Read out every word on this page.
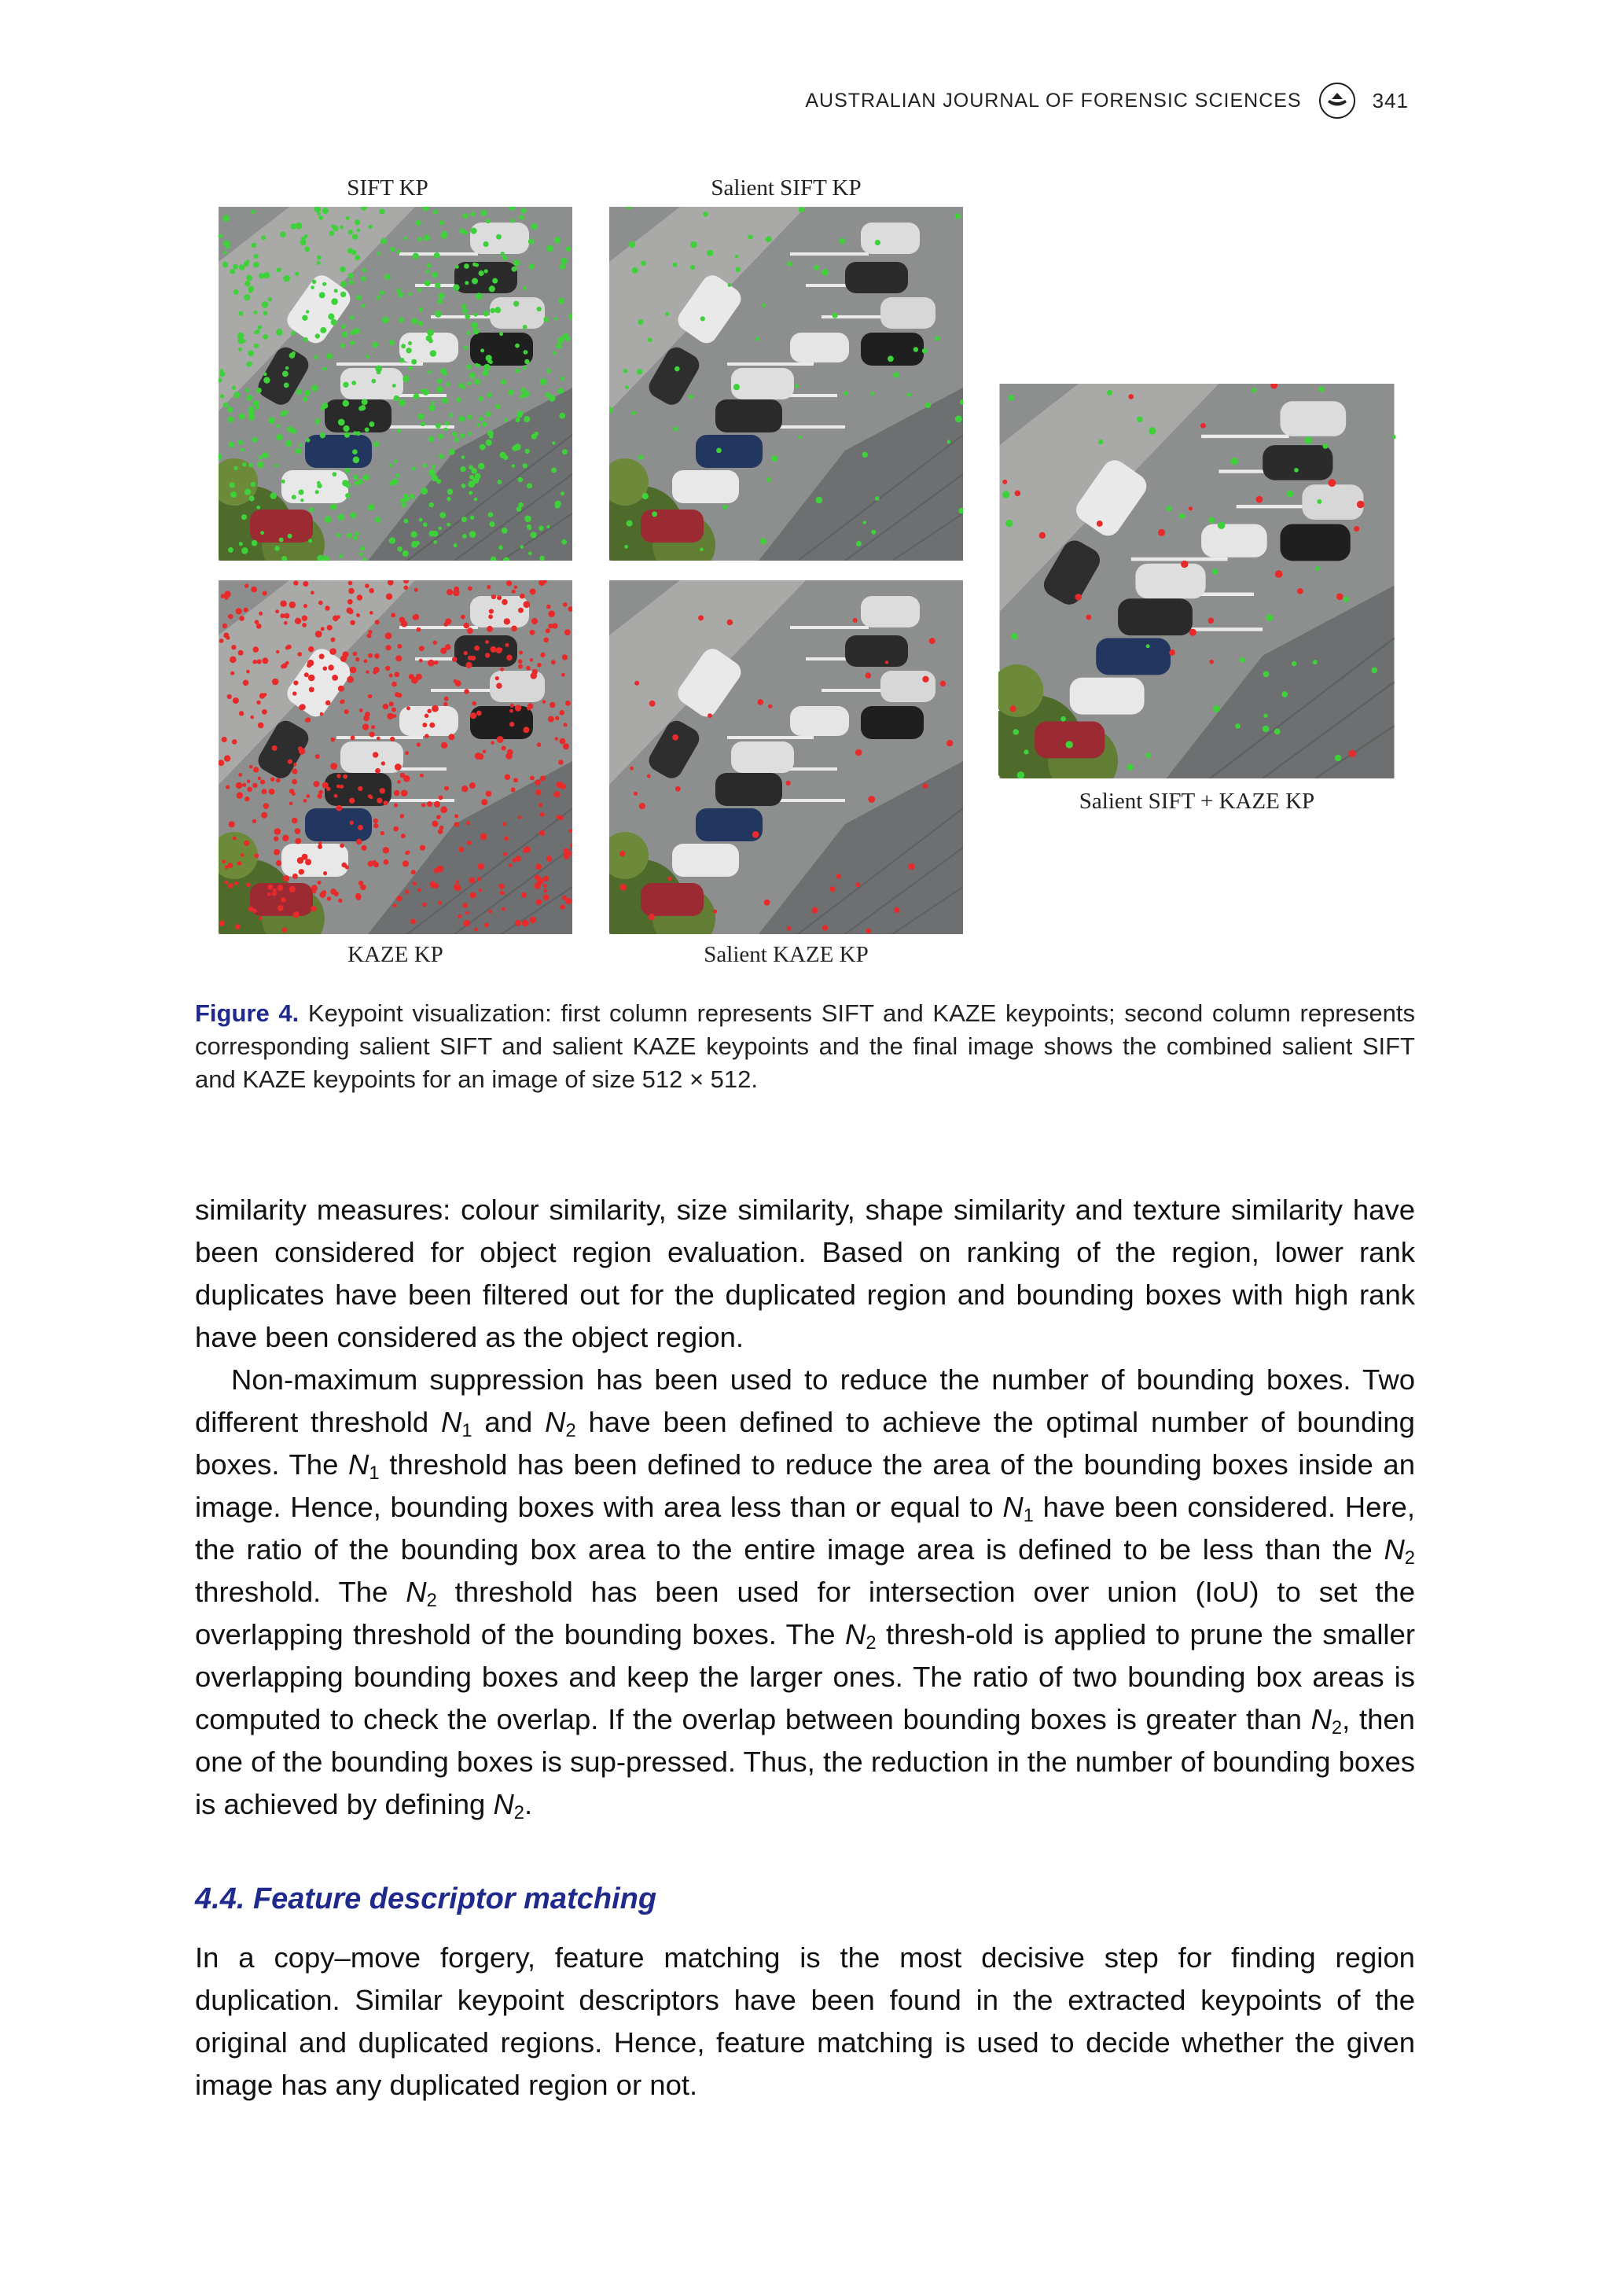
AUSTRALIAN JOURNAL OF FORENSIC SCIENCES	341
SIFT KP	Salient SIFT KP
KAZE KP	Salient KAZE KP
Salient SIFT + KAZE KP
Figure 4. Keypoint visualization: first column represents SIFT and KAZE keypoints; second column represents corresponding salient SIFT and salient KAZE keypoints and the final image shows the combined salient SIFT and KAZE keypoints for an image of size 512 × 512.

similarity measures: colour similarity, size similarity, shape similarity and texture similarity have been considered for object region evaluation. Based on ranking of the region, lower rank duplicates have been filtered out for the duplicated region and bounding boxes with high rank have been considered as the object region.

Non-maximum suppression has been used to reduce the number of bounding boxes. Two different threshold $N_1$ and $N_2$ have been defined to achieve the optimal number of bounding boxes. The $N_1$ threshold has been defined to reduce the area of the bounding boxes inside an image. Hence, bounding boxes with area less than or equal to $N_1$ have been considered. Here, the ratio of the bounding box area to the entire image area is defined to be less than the $N_2$ threshold. The $N_2$ threshold has been used for intersection over union (IoU) to set the overlapping threshold of the bounding boxes. The $N_2$ thresh-old is applied to prune the smaller overlapping bounding boxes and keep the larger ones. The ratio of two bounding box areas is computed to check the overlap. If the overlap between bounding boxes is greater than $N_2$, then one of the bounding boxes is sup-pressed. Thus, the reduction in the number of bounding boxes is achieved by defining $N_2$.

4.4. Feature descriptor matching

In a copy–move forgery, feature matching is the most decisive step for finding region duplication. Similar keypoint descriptors have been found in the extracted keypoints of the original and duplicated regions. Hence, feature matching is used to decide whether the given image has any duplicated region or not.
